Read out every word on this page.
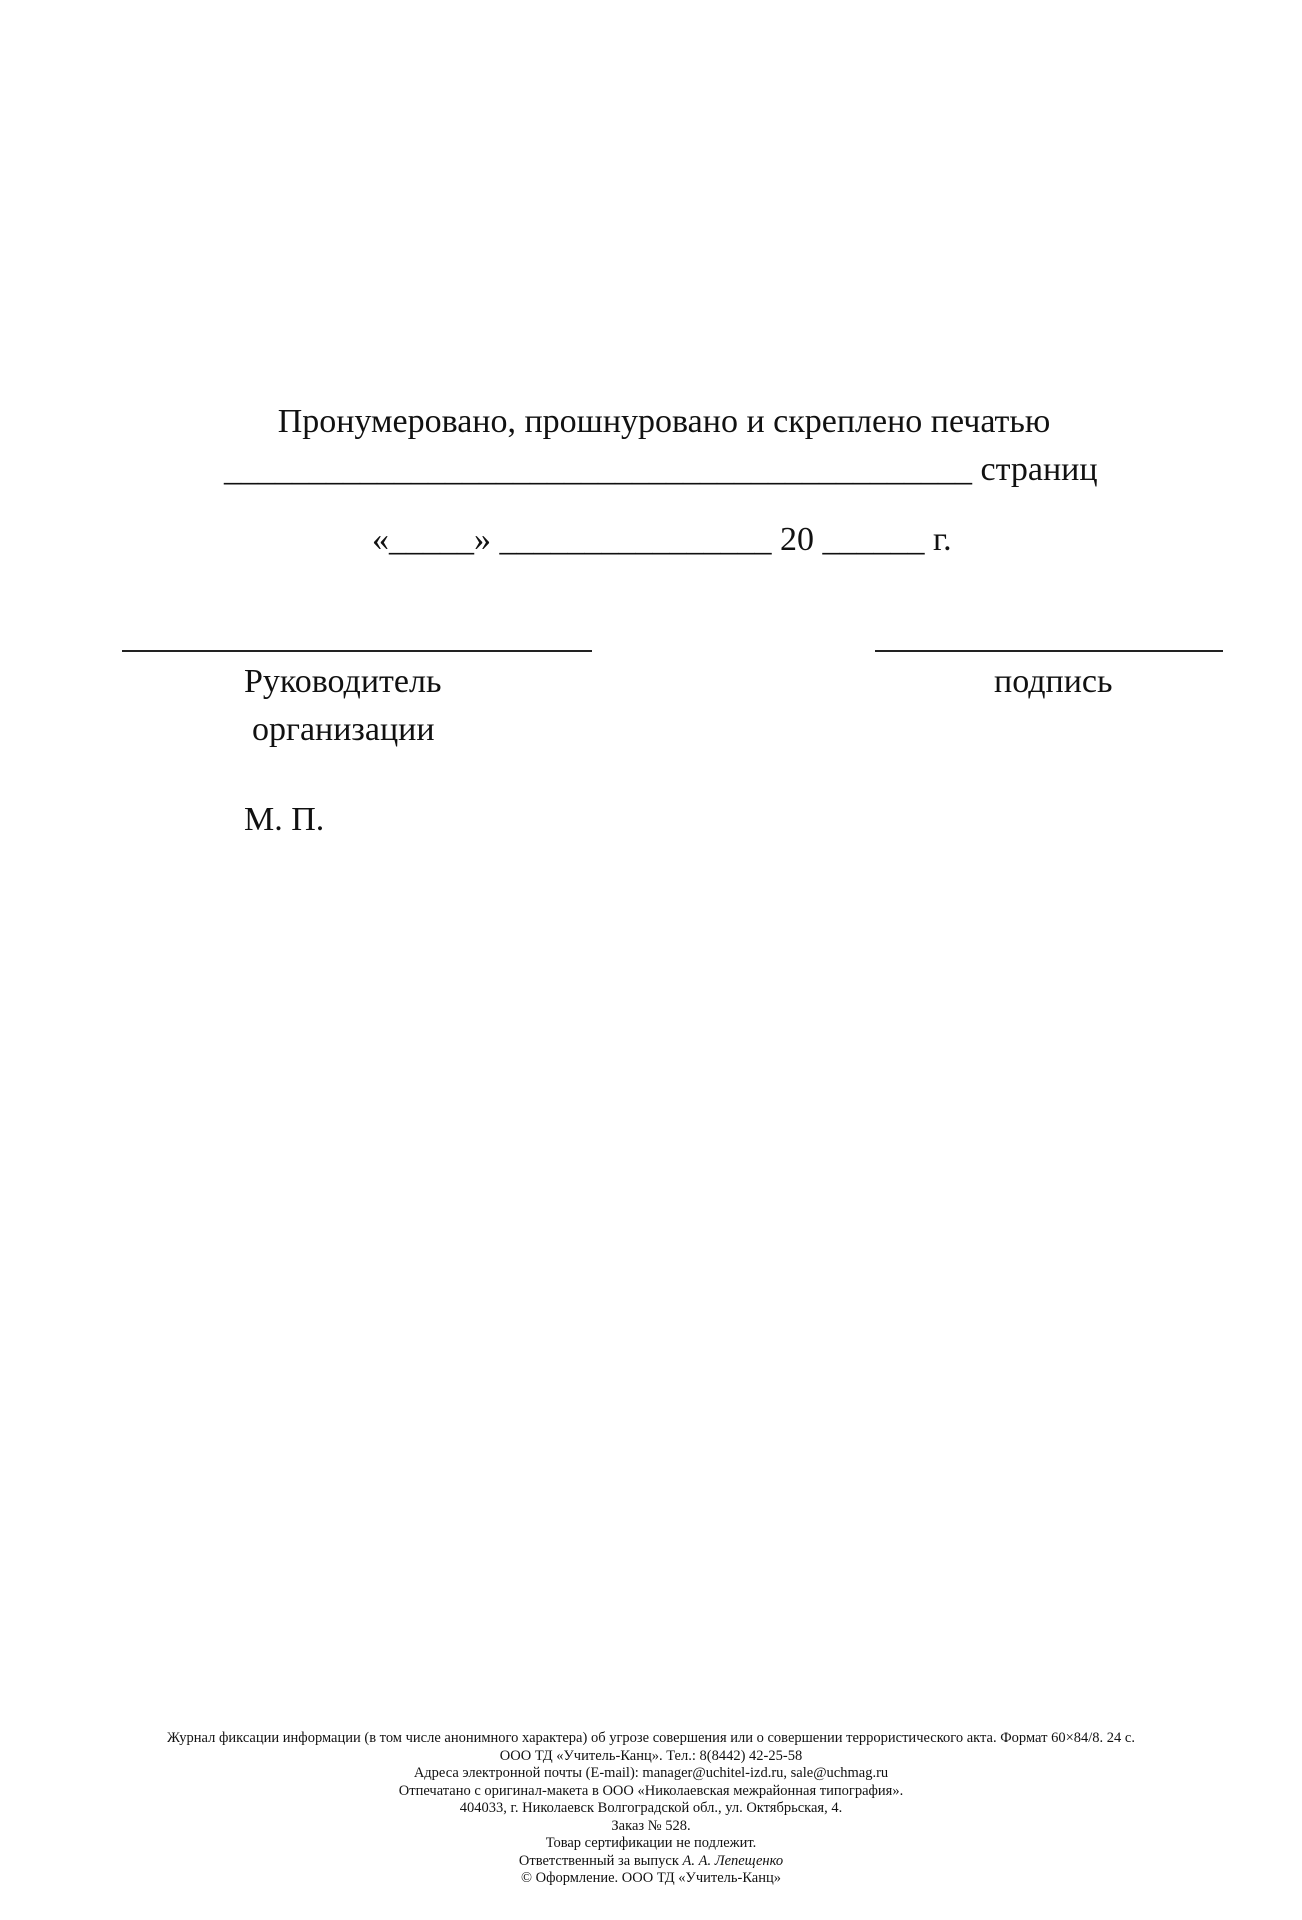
Пронумеровано, прошнуровано и скреплено печатью
____________________________________________ страниц
«_____» ________________ 20 ______ г.
Руководитель
организации
подпись
М. П.
Журнал фиксации информации (в том числе анонимного характера) об угрозе совершения или о совершении террористического акта. Формат 60×84/8. 24 с.
ООО ТД «Учитель-Канц». Тел.: 8(8442) 42-25-58
Адреса электронной почты (E-mail): manager@uchitel-izd.ru, sale@uchmag.ru
Отпечатано с оригинал-макета в ООО «Николаевская межрайонная типография».
404033, г. Николаевск Волгоградской обл., ул. Октябрьская, 4.
Заказ № 528.
Товар сертификации не подлежит.
Ответственный за выпуск А. А. Лепещенко
© Оформление. ООО ТД «Учитель-Канц»
